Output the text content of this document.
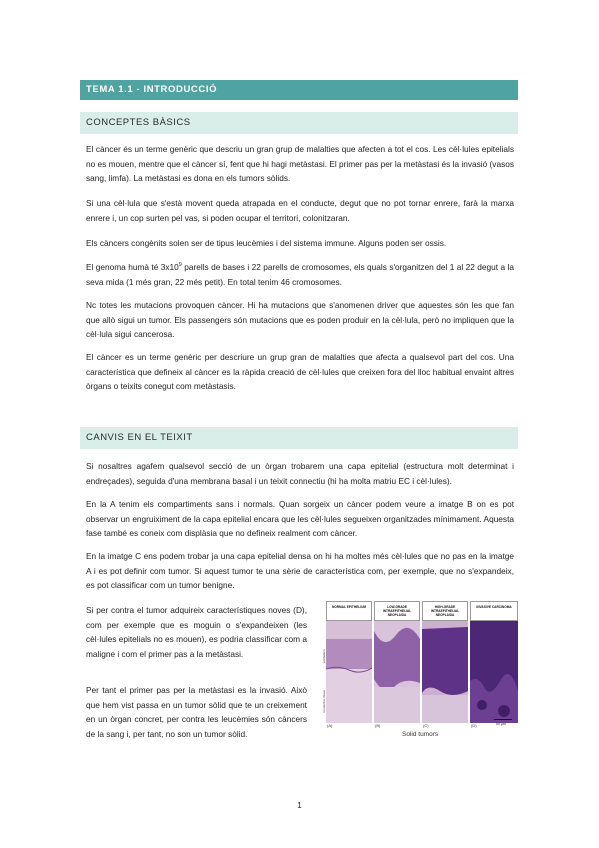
TEMA 1.1 - INTRODUCCIÓ
CONCEPTES BÀSICS

El càncer és un terme genèric que descriu un gran grup de malalties que afecten a tot el cos. Les cèl·lules epitelials no es mouen, mentre que el càncer sí, fent que hi hagi metàstasi. El primer pas per la metàstasi és la invasió (vasos sang, limfa). La metàstasi es dona en els tumors sòlids.

Si una cèl·lula que s'està movent queda atrapada en el conducte, degut que no pot tornar enrere, farà la marxa enrere i, un cop surten pel vas, si poden ocupar el territori, colonitzaran.

Els càncers congènits solen ser de tipus leucèmies i del sistema immune. Alguns poden ser ossis.

El genoma humà té $3x10^9$ parells de bases i 22 parells de cromosomes, els quals s'organitzen del 1 al 22 degut a la seva mida (1 més gran, 22 més petit). En total tenim 46 cromosomes.

Nc totes les mutacions provoquen càncer. Hi ha mutacions que s'anomenen driver que aquestes són les que fan que allò sigui un tumor. Els passengers són mutacions que es poden produir en la cèl·lula, però no impliquen que la cèl·lula sigui cancerosa.

El càncer es un terme genèric per descriure un grup gran de malalties que afecta a qualsevol part del cos. Una característica que defineix al càncer es la ràpida creació de cèl·lules que creixen fora del lloc habitual envaint altres òrgans o teixits conegut com metàstasis.

CANVIS EN EL TEIXIT

Si nosaltres agafem qualsevol secció de un òrgan trobarem una capa epitelial (estructura molt determinat i endreçades), seguida d'una membrana basal i un teixit connectiu (hi ha molta matriu EC i cèl·lules).

En la A tenim els compartiments sans i normals. Quan sorgeix un càncer podem veure a imatge B on es pot observar un engruiximent de la capa epitelial encara que les cèl·lules segueixen organitzades mínimament. Aquesta fase també es coneix com displàsia que no defineix realment com càncer.

En la imatge C ens podem trobar ja una capa epitelial densa on hi ha moltes més cèl·lules que no pas en la imatge A i es pot definir com tumor. Si aquest tumor te una sèrie de característica com, per exemple, que no s'expandeix, es pot classificar com un tumor benigne.

Si per contra el tumor adquireix característiques noves (D), com per exemple que es moguin o s'expandeixen (les cèl·lules epitelials no es mouen), es podria classificar com a maligne i com el primer pas a la metàstasi.

Per tant el primer pas per la metàstasi es la invasió. Això que hem vist passa en un tumor sòlid que te un creixement en un òrgan concret, per contra les leucèmies són càncers de la sang i, per tant, no son un tumor sòlid.

epithelium
connective tissue
NORMAL EPITHELIUM
(A)
LOW-GRADE INTRAEPITHELIAL NEOPLASIA
(B)
HIGH-GRADE INTRAEPITHELIAL NEOPLASIA
(C)
INVASIVE CARCINOMA
(D)	50 μm
Solid tumors
1
